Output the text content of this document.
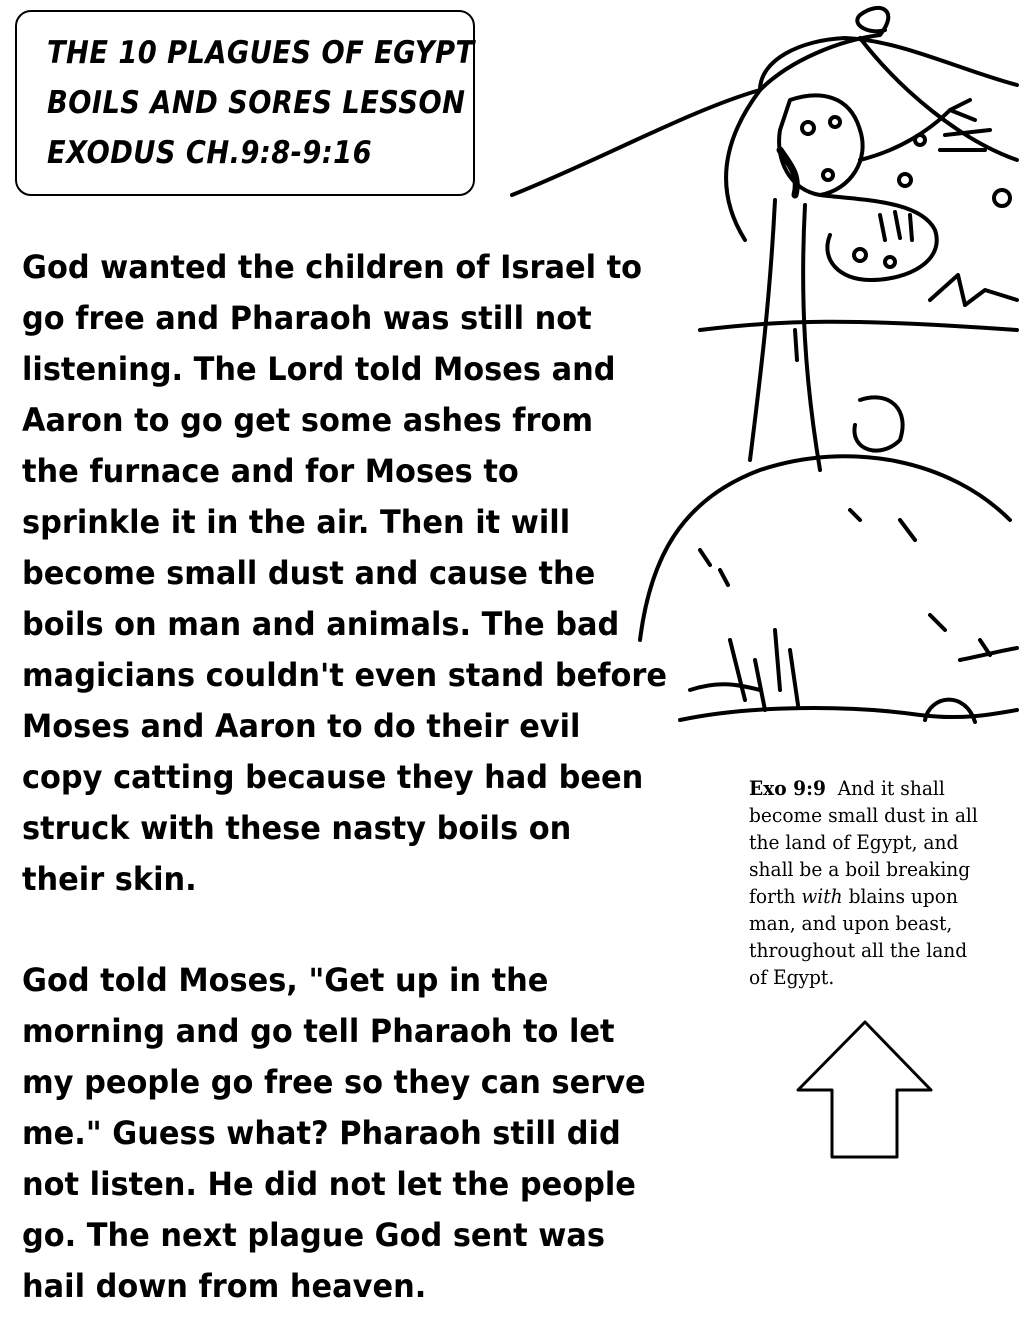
THE 10 PLAGUES OF EGYPT
BOILS AND SORES LESSON
EXODUS CH.9:8-9:16
God wanted the children of Israel to
go free and Pharaoh was still not
listening. The Lord told Moses and
Aaron to go get some ashes from
the furnace and for Moses to
sprinkle it in the air. Then it will
become small dust and cause the
boils on man and animals. The bad
magicians couldn't even stand before
Moses and Aaron to do their evil
copy catting because they had been
struck with these nasty boils on
their skin.
God told Moses, "Get up in the
morning and go tell Pharaoh to let
my people go free so they can serve
me." Guess what? Pharaoh still did
not listen. He did not let the people
go. The next plague God sent was
hail down from heaven.
Exo 9:9 And it shall
become small dust in all
the land of Egypt, and
shall be a boil breaking
forth with blains upon
man, and upon beast,
throughout all the land
of Egypt.
